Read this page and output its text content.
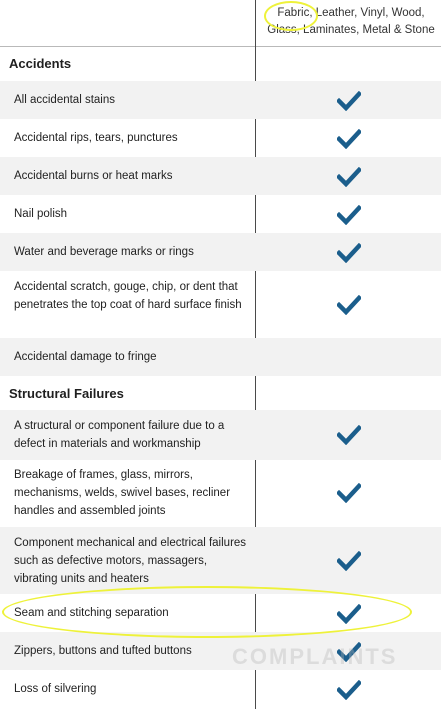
Fabric, Leather, Vinyl, Wood, Glass, Laminates, Metal & Stone
Accidents
All accidental stains
Accidental rips, tears, punctures
Accidental burns or heat marks
Nail polish
Water and beverage marks or rings
Accidental scratch, gouge, chip, or dent that penetrates the top coat of hard surface finish
Accidental damage to fringe
Structural Failures
A structural or component failure due to a defect in materials and workmanship
Breakage of frames, glass, mirrors, mechanisms, welds, swivel bases, recliner handles and assembled joints
Component mechanical and electrical failures such as defective motors, massagers, vibrating units and heaters
Seam and stitching separation
Zippers, buttons and tufted buttons
Loss of silvering
COMPLAINTS
